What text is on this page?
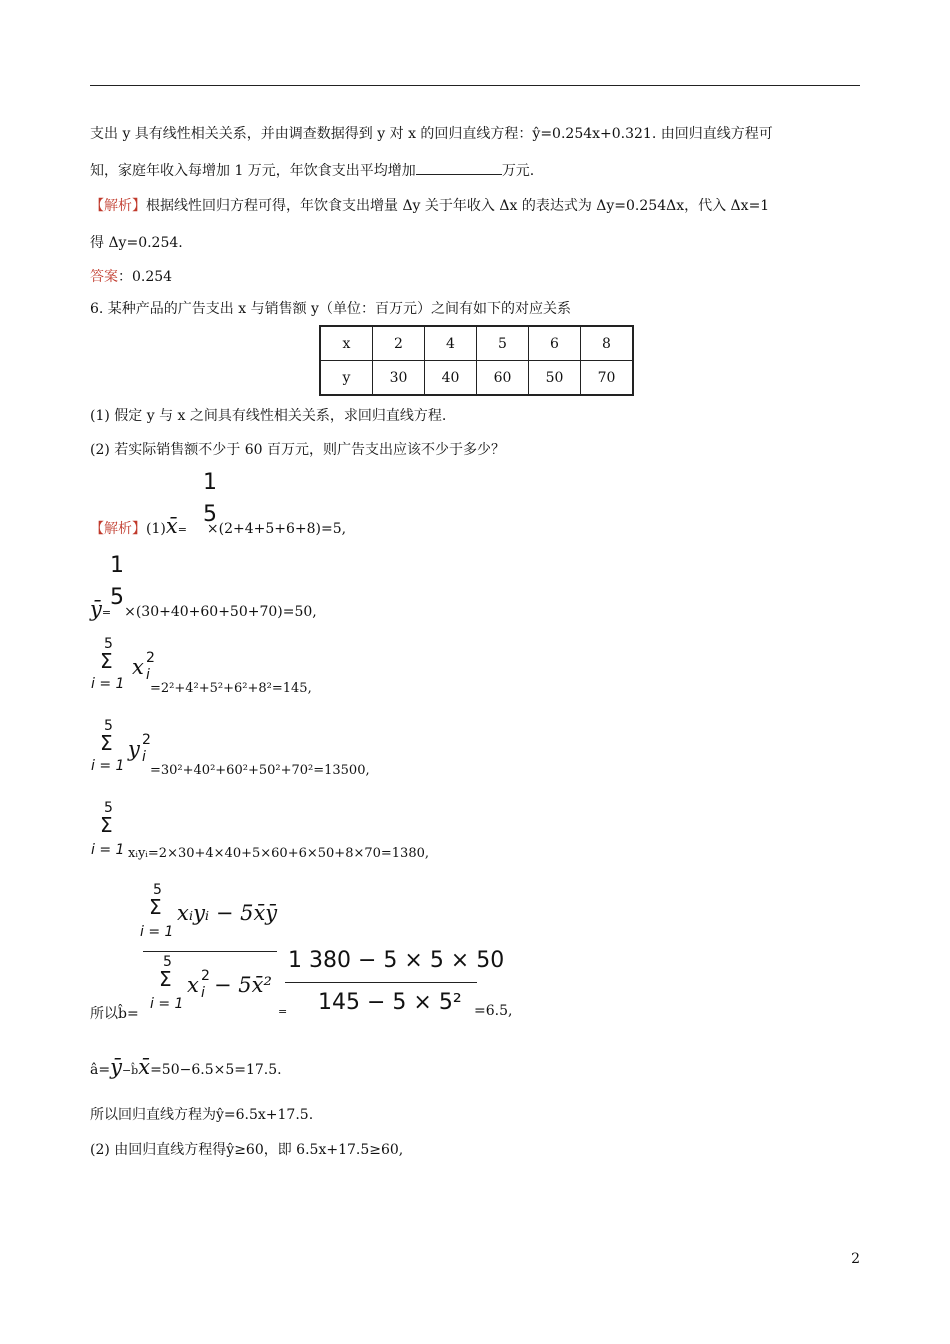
支出 y 具有线性相关关系，并由调查数据得到 y 对 x 的回归直线方程：ŷ=0.254x+0.321. 由回归直线方程可
知，家庭年收入每增加 1 万元，年饮食支出平均增加	万元.
【解析】根据线性回归方程可得，年饮食支出增量 Δy 关于年收入 Δx 的表达式为 Δy=0.254Δx，代入 Δx=1
得 Δy=0.254.
答案：0.254
6. 某种产品的广告支出 x 与销售额 y（单位：百万元）之间有如下的对应关系
x	2	4	5	6	8
y	30	40	60	50	70
(1) 假定 y 与 x 之间具有线性相关关系，求回归直线方程.
(2) 若实际销售额不少于 60 百万元，则广告支出应该不少于多少？
1
5
【解析】(1)x̄= ×(2+4+5+6+8)=5,
1
5
ȳ= ×(30+40+60+50+70)=50,
5
Σ x 2
i
i = 1 =2²+4²+5²+6²+8²=145,
5
Σ y 2
i
i = 1 =30²+40²+60²+50²+70²=13500,
5
Σ
i = 1 xᵢyᵢ=2×30+4×40+5×60+6×50+8×70=1380,
5
Σ
i = 1
xᵢyᵢ − 5x̄ȳ
5
Σ
i = 1
x 2
i − 5x̄²
所以b̂=	=
1 380 − 5 × 5 × 50
145 − 5 × 5² =6.5,
â=ȳ−b̂x̄=50−6.5×5=17.5.
所以回归直线方程为ŷ=6.5x+17.5.
(2) 由回归直线方程得ŷ≥60，即 6.5x+17.5≥60,
2
